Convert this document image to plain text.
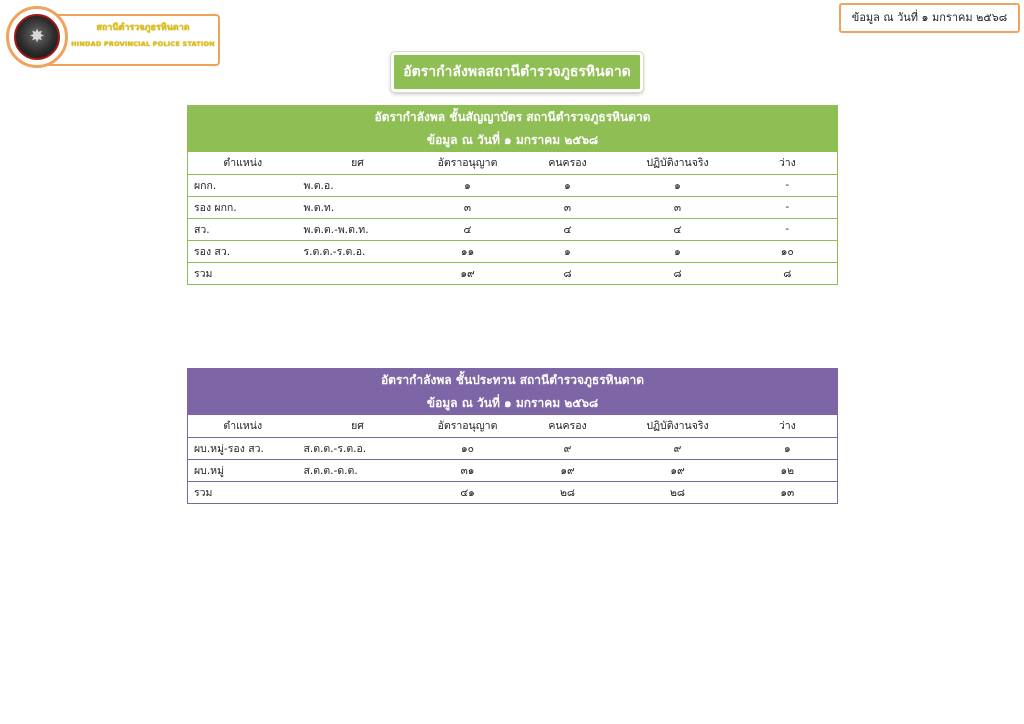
สถานีตำรวจภูธรหินดาด
HINDAD PROVINCIAL POLICE STATION
✸
ข้อมูล ณ วันที่ ๑ มกราคม ๒๕๖๘
อัตรากำลังพลสถานีตำรวจภูธรหินดาด
อัตรากำลังพล ชั้นสัญญาบัตร สถานีตำรวจภูธรหินดาด					
ข้อมูล ณ วันที่ ๑ มกราคม ๒๕๖๘					
ตำแหน่ง	ยศ	อัตราอนุญาต	คนครอง	ปฏิบัติงานจริง	ว่าง
ผกก.	พ.ต.อ.	๑	๑	๑	-
รอง ผกก.	พ.ต.ท.	๓	๓	๓	-
สว.	พ.ต.ต.-พ.ต.ท.	๔	๔	๔	-
รอง สว.	ร.ต.ต.-ร.ต.อ.	๑๑	๑	๑	๑๐
รวม		๑๙	๘	๘	๘
อัตรากำลังพล ชั้นประทวน สถานีตำรวจภูธรหินดาด					
ข้อมูล ณ วันที่ ๑ มกราคม ๒๕๖๘					
ตำแหน่ง	ยศ	อัตราอนุญาต	คนครอง	ปฏิบัติงานจริง	ว่าง
ผบ.หมู่-รอง สว.	ส.ต.ต.-ร.ต.อ.	๑๐	๙	๙	๑
ผบ.หมู่	ส.ต.ต.-ด.ต.	๓๑	๑๙	๑๙	๑๒
รวม		๔๑	๒๘	๒๘	๑๓
